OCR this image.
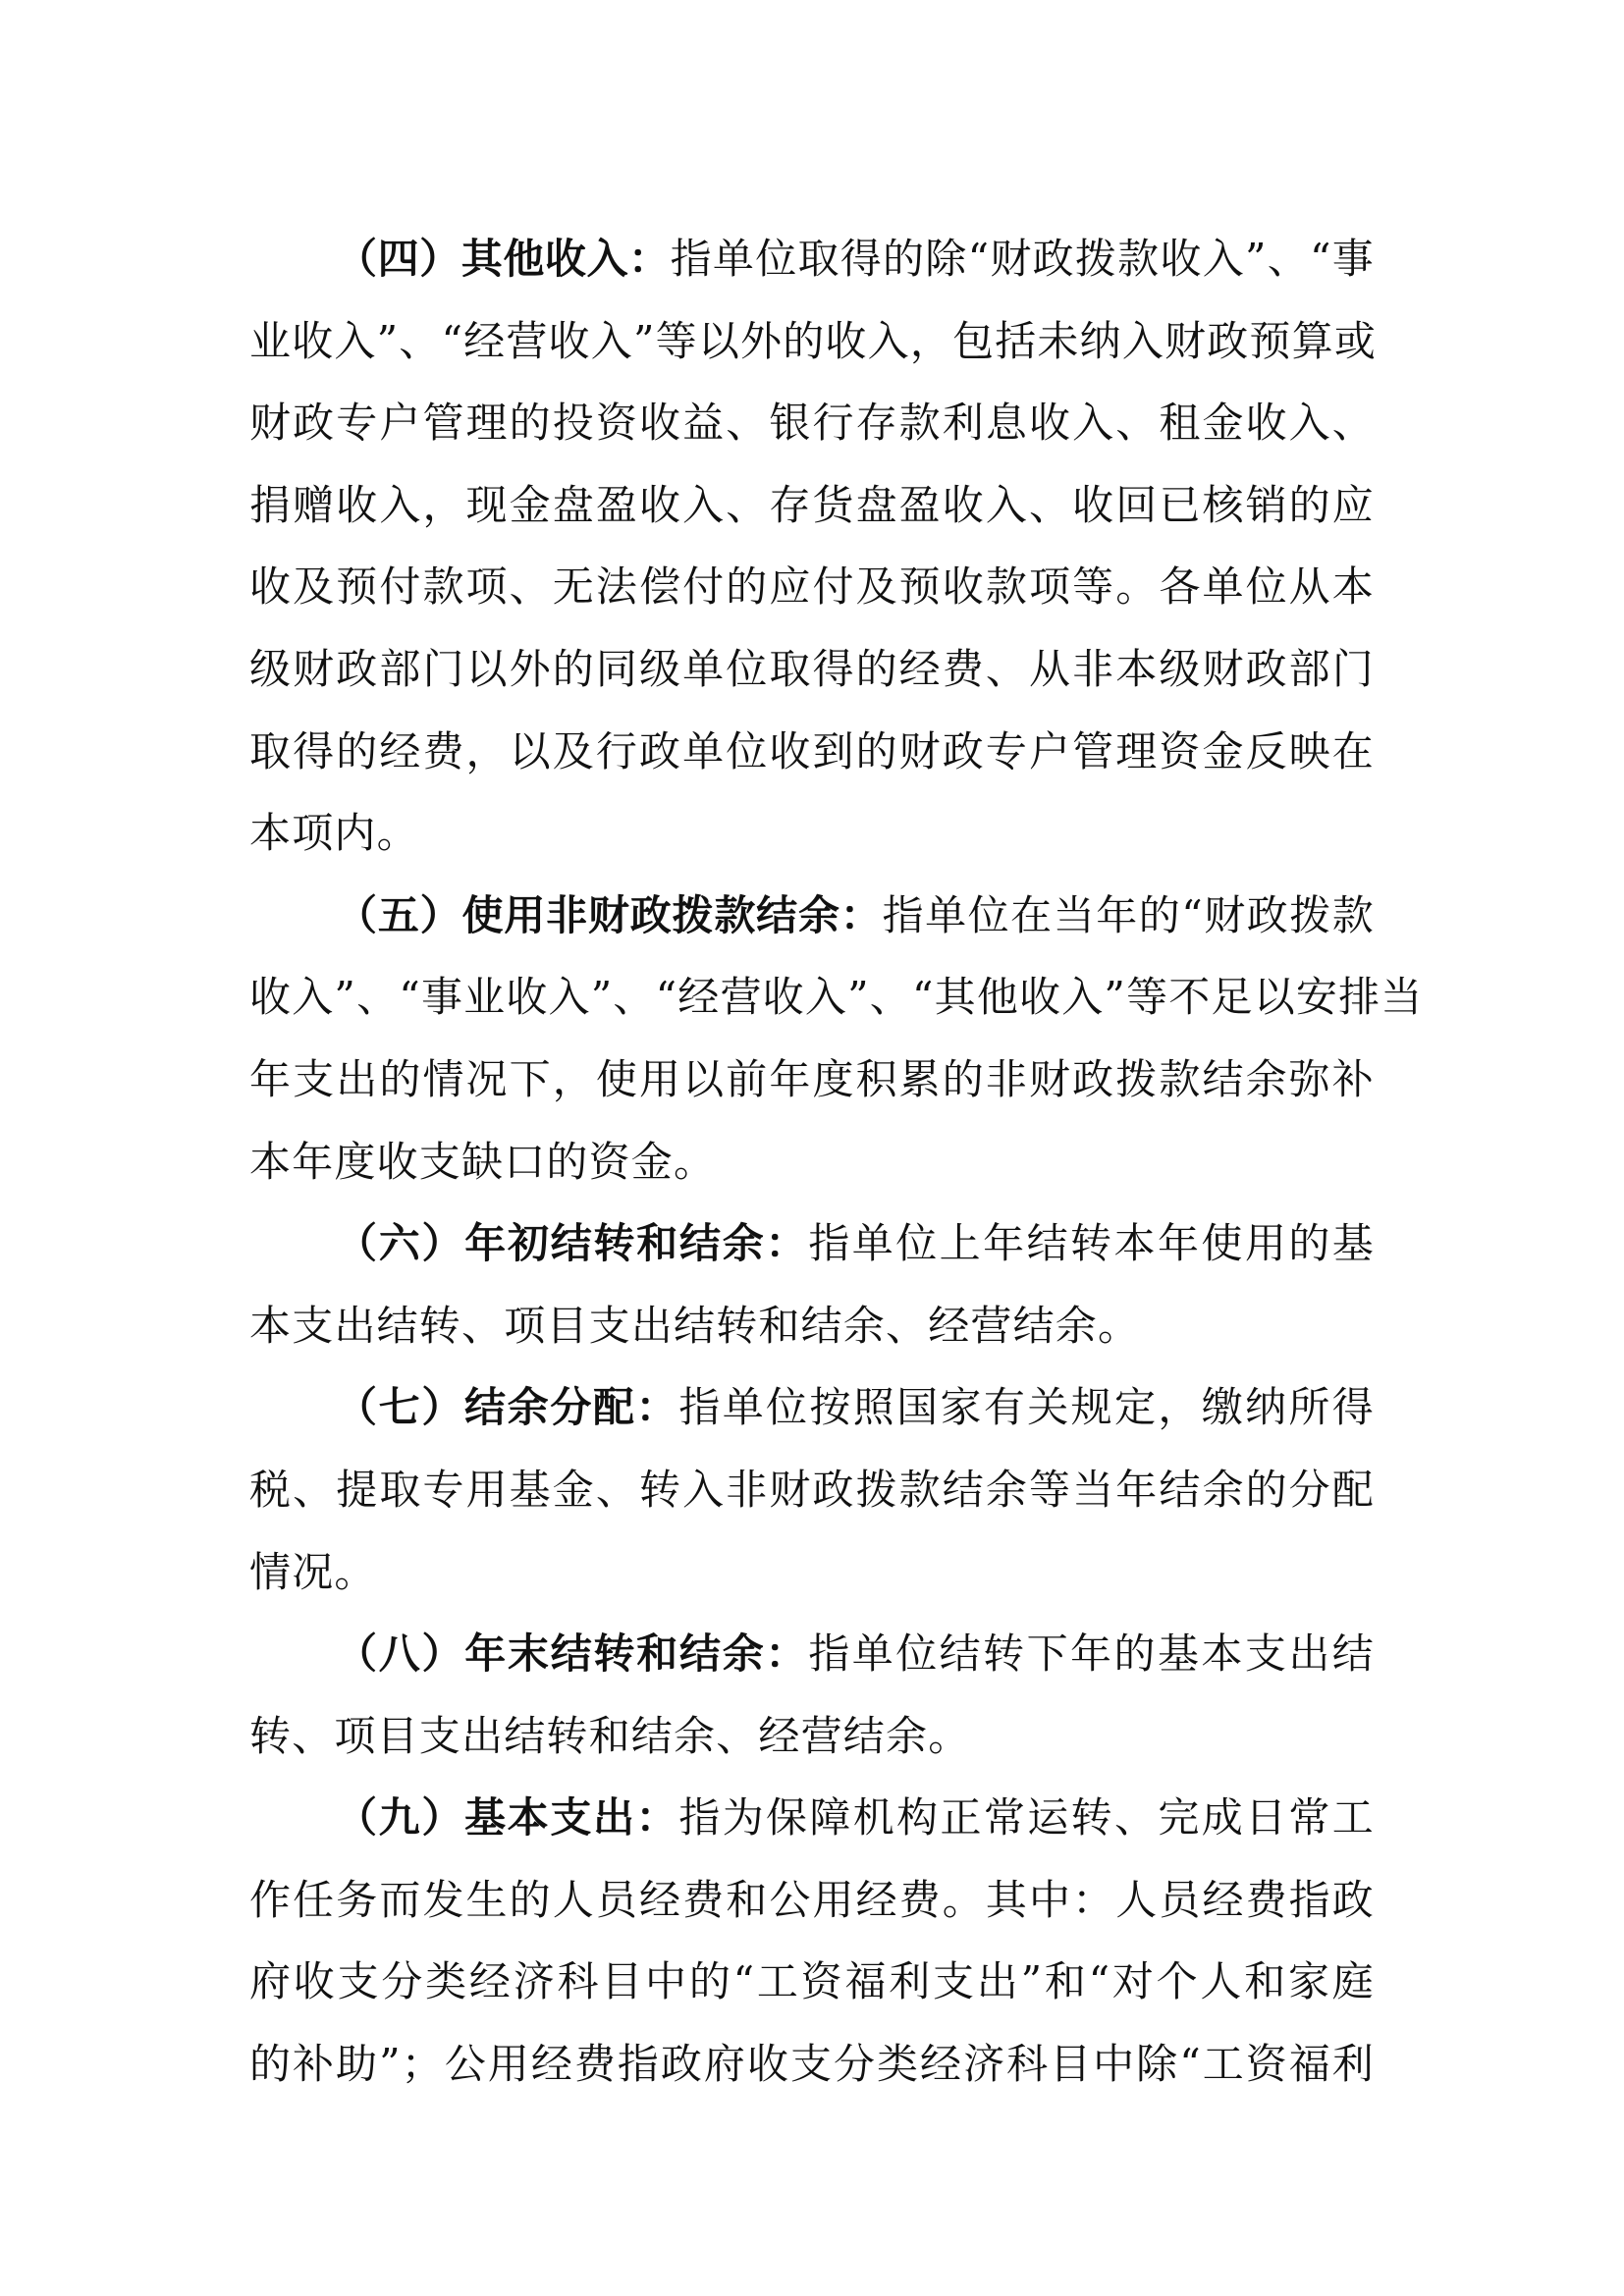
（四）其他收入：指单位取得的除“财政拨款收入”、“事
业收入”、“经营收入”等以外的收入，包括未纳入财政预算或
财政专户管理的投资收益、银行存款利息收入、租金收入、
捐赠收入，现金盘盈收入、存货盘盈收入、收回已核销的应
收及预付款项、无法偿付的应付及预收款项等。各单位从本
级财政部门以外的同级单位取得的经费、从非本级财政部门
取得的经费，以及行政单位收到的财政专户管理资金反映在
本项内。
（五）使用非财政拨款结余：指单位在当年的“财政拨款
收入”、“事业收入”、“经营收入”、“其他收入”等不足以安排当
年支出的情况下，使用以前年度积累的非财政拨款结余弥补
本年度收支缺口的资金。
（六）年初结转和结余：指单位上年结转本年使用的基
本支出结转、项目支出结转和结余、经营结余。
（七）结余分配：指单位按照国家有关规定，缴纳所得
税、提取专用基金、转入非财政拨款结余等当年结余的分配
情况。
（八）年末结转和结余：指单位结转下年的基本支出结
转、项目支出结转和结余、经营结余。
（九）基本支出：指为保障机构正常运转、完成日常工
作任务而发生的人员经费和公用经费。其中：人员经费指政
府收支分类经济科目中的“工资福利支出”和“对个人和家庭
的补助”；公用经费指政府收支分类经济科目中除“工资福利
